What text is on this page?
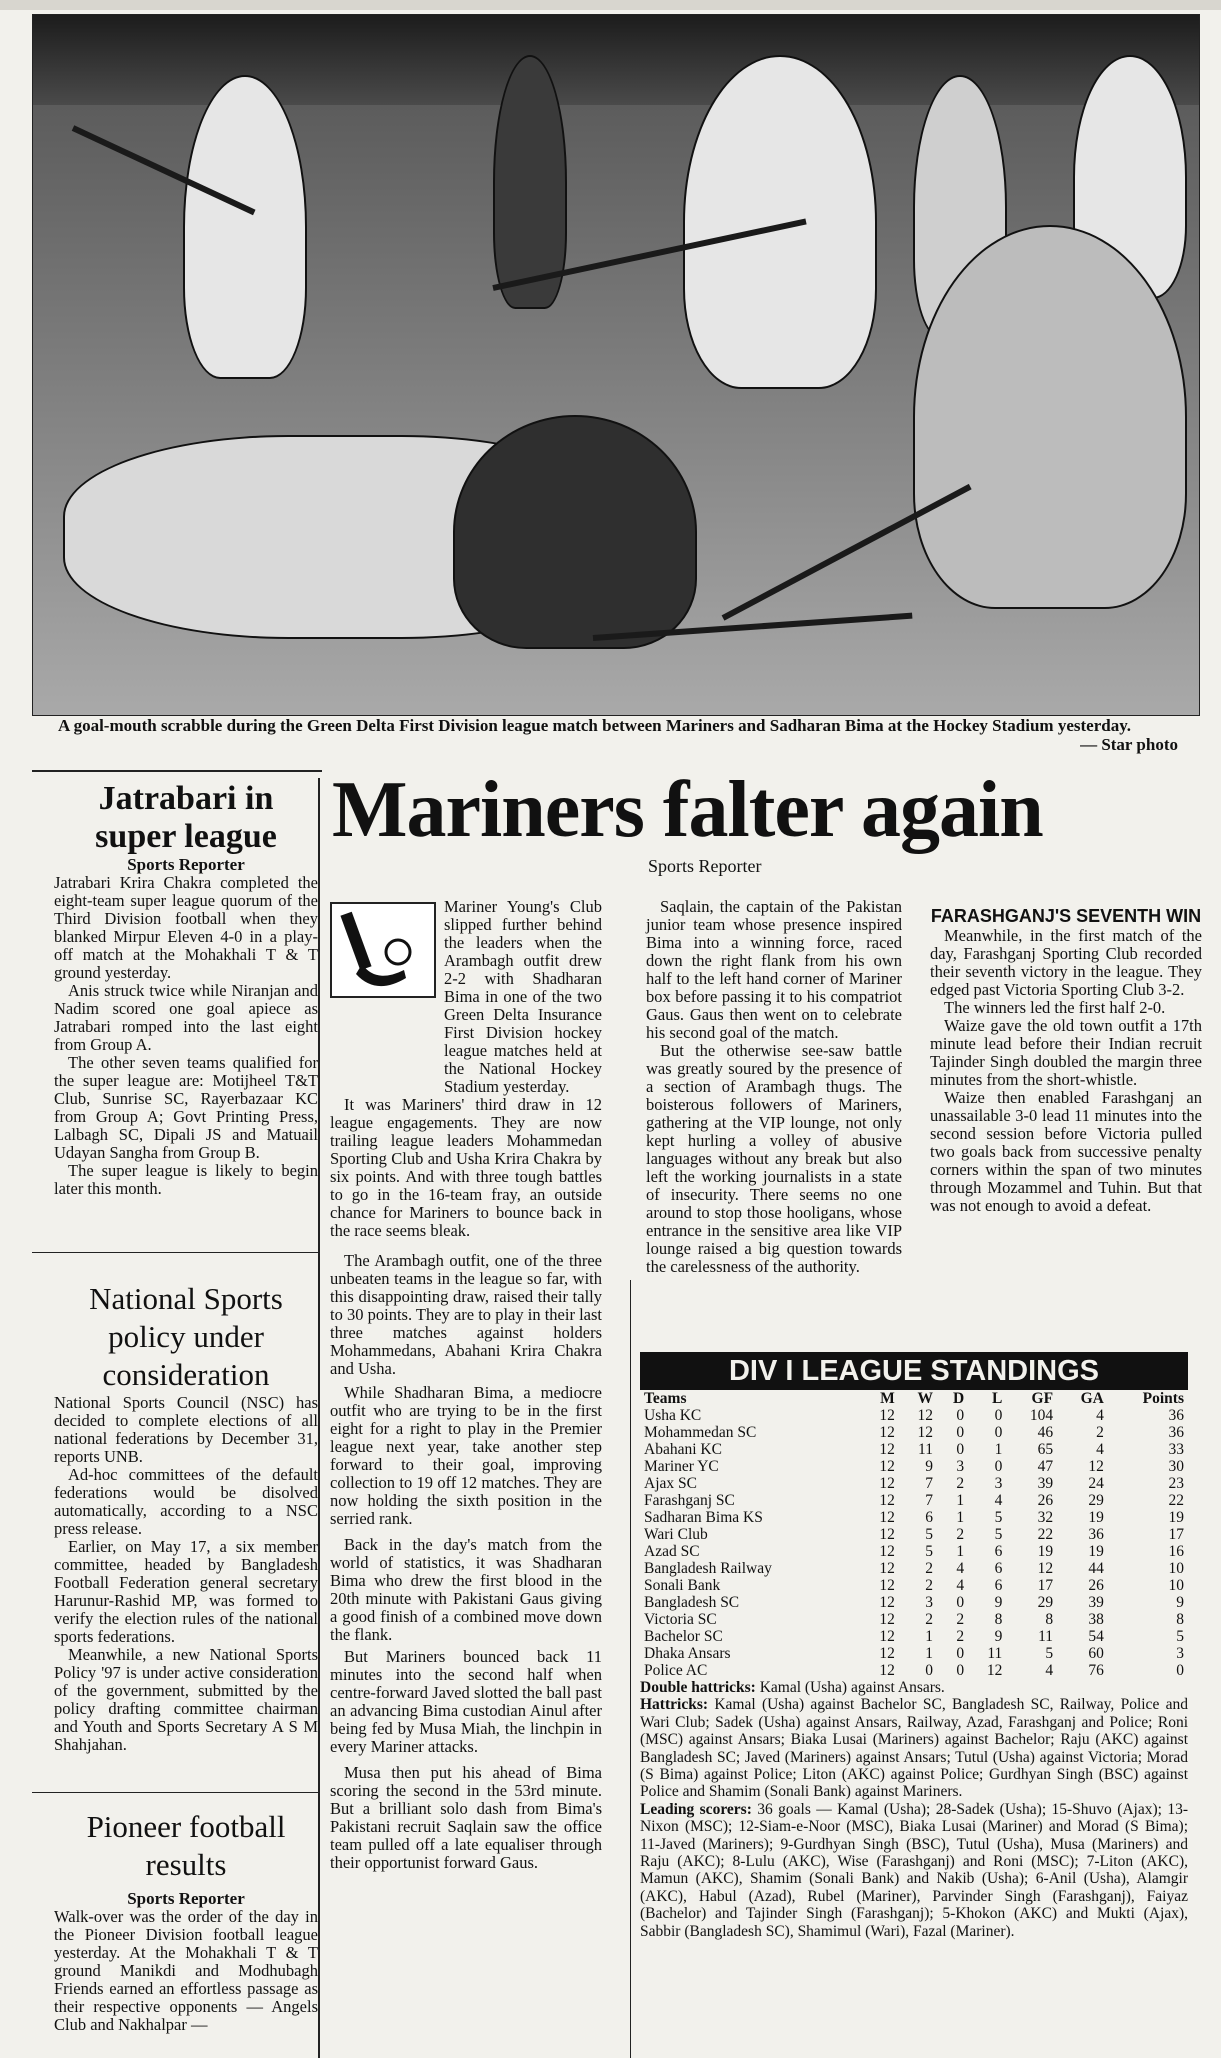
A goal-mouth scrabble during the Green Delta First Division league match between Mariners and Sadharan Bima at the Hockey Stadium yesterday.
— Star photo
Jatrabari in super league
Sports Reporter

Jatrabari Krira Chakra completed the eight-team super league quorum of the Third Division football when they blanked Mirpur Eleven 4-0 in a play-off match at the Mohakhali T & T ground yesterday.

Anis struck twice while Niranjan and Nadim scored one goal apiece as Jatrabari romped into the last eight from Group A.

The other seven teams qualified for the super league are: Motijheel T&T Club, Sunrise SC, Rayerbazaar KC from Group A; Govt Printing Press, Lalbagh SC, Dipali JS and Matuail Udayan Sangha from Group B.

The super league is likely to begin later this month.

National Sports policy under consideration

National Sports Council (NSC) has decided to complete elections of all national federations by December 31, reports UNB.

Ad-hoc committees of the default federations would be disolved automatically, according to a NSC press release.

Earlier, on May 17, a six member committee, headed by Bangladesh Football Federation general secretary Harunur-Rashid MP, was formed to verify the election rules of the national sports federations.

Meanwhile, a new National Sports Policy '97 is under active consideration of the government, submitted by the policy drafting committee chairman and Youth and Sports Secretary A S M Shahjahan.

Pioneer football results
Sports Reporter

Walk-over was the order of the day in the Pioneer Division football league yesterday. At the Mohakhali T & T ground Manikdi and Modhubagh Friends earned an effortless passage as their respective opponents — Angels Club and Nakhalpar —

Mariners falter again
Sports Reporter

Mariner Young's Club slipped further behind the leaders when the Arambagh outfit drew 2-2 with Shadharan Bima in one of the two Green Delta Insurance First Division hockey league matches held at the National Hockey Stadium yesterday.

It was Mariners' third draw in 12 league engagements. They are now trailing league leaders Mohammedan Sporting Club and Usha Krira Chakra by six points. And with three tough battles to go in the 16-team fray, an outside chance for Mariners to bounce back in the race seems bleak.

The Arambagh outfit, one of the three unbeaten teams in the league so far, with this disappointing draw, raised their tally to 30 points. They are to play in their last three matches against holders Mohammedans, Abahani Krira Chakra and Usha.

While Shadharan Bima, a mediocre outfit who are trying to be in the first eight for a right to play in the Premier league next year, take another step forward to their goal, improving collection to 19 off 12 matches. They are now holding the sixth position in the serried rank.

Back in the day's match from the world of statistics, it was Shadharan Bima who drew the first blood in the 20th minute with Pakistani Gaus giving a good finish of a combined move down the flank.

But Mariners bounced back 11 minutes into the second half when centre-forward Javed slotted the ball past an advancing Bima custodian Ainul after being fed by Musa Miah, the linchpin in every Mariner attacks.

Musa then put his ahead of Bima scoring the second in the 53rd minute. But a brilliant solo dash from Bima's Pakistani recruit Saqlain saw the office team pulled off a late equaliser through their opportunist forward Gaus.

Saqlain, the captain of the Pakistan junior team whose presence inspired Bima into a winning force, raced down the right flank from his own half to the left hand corner of Mariner box before passing it to his compatriot Gaus. Gaus then went on to celebrate his second goal of the match.

But the otherwise see-saw battle was greatly soured by the presence of a section of Arambagh thugs. The boisterous followers of Mariners, gathering at the VIP lounge, not only kept hurling a volley of abusive languages without any break but also left the working journalists in a state of insecurity. There seems no one around to stop those hooligans, whose entrance in the sensitive area like VIP lounge raised a big question towards the carelessness of the authority.

FARASHGANJ'S SEVENTH WIN

Meanwhile, in the first match of the day, Farashganj Sporting Club recorded their seventh victory in the league. They edged past Victoria Sporting Club 3-2.

The winners led the first half 2-0.

Waize gave the old town outfit a 17th minute lead before their Indian recruit Tajinder Singh doubled the margin three minutes from the short-whistle.

Waize then enabled Farashganj an unassailable 3-0 lead 11 minutes into the second session before Victoria pulled two goals back from successive penalty corners within the span of two minutes through Mozammel and Tuhin. But that was not enough to avoid a defeat.

DIV I LEAGUE STANDINGS
Teams	M	W	D	L	GF	GA	Points
Usha KC	12	12	0	0	104	4	36
Mohammedan SC	12	12	0	0	46	2	36
Abahani KC	12	11	0	1	65	4	33
Mariner YC	12	9	3	0	47	12	30
Ajax SC	12	7	2	3	39	24	23
Farashganj SC	12	7	1	4	26	29	22
Sadharan Bima KS	12	6	1	5	32	19	19
Wari Club	12	5	2	5	22	36	17
Azad SC	12	5	1	6	19	19	16
Bangladesh Railway	12	2	4	6	12	44	10
Sonali Bank	12	2	4	6	17	26	10
Bangladesh SC	12	3	0	9	29	39	9
Victoria SC	12	2	2	8	8	38	8
Bachelor SC	12	1	2	9	11	54	5
Dhaka Ansars	12	1	0	11	5	60	3
Police AC	12	0	0	12	4	76	0

Double hattricks: Kamal (Usha) against Ansars.

Hattricks: Kamal (Usha) against Bachelor SC, Bangladesh SC, Railway, Police and Wari Club; Sadek (Usha) against Ansars, Railway, Azad, Farashganj and Police; Roni (MSC) against Ansars; Biaka Lusai (Mariners) against Bachelor; Raju (AKC) against Bangladesh SC; Javed (Mariners) against Ansars; Tutul (Usha) against Victoria; Morad (S Bima) against Police; Liton (AKC) against Police; Gurdhyan Singh (BSC) against Police and Shamim (Sonali Bank) against Mariners.

Leading scorers: 36 goals — Kamal (Usha); 28-Sadek (Usha); 15-Shuvo (Ajax); 13-Nixon (MSC); 12-Siam-e-Noor (MSC), Biaka Lusai (Mariner) and Morad (S Bima); 11-Javed (Mariners); 9-Gurdhyan Singh (BSC), Tutul (Usha), Musa (Mariners) and Raju (AKC); 8-Lulu (AKC), Wise (Farashganj) and Roni (MSC); 7-Liton (AKC), Mamun (AKC), Shamim (Sonali Bank) and Nakib (Usha); 6-Anil (Usha), Alamgir (AKC), Habul (Azad), Rubel (Mariner), Parvinder Singh (Farashganj), Faiyaz (Bachelor) and Tajinder Singh (Farashganj); 5-Khokon (AKC) and Mukti (Ajax), Sabbir (Bangladesh SC), Shamimul (Wari), Fazal (Mariner).
